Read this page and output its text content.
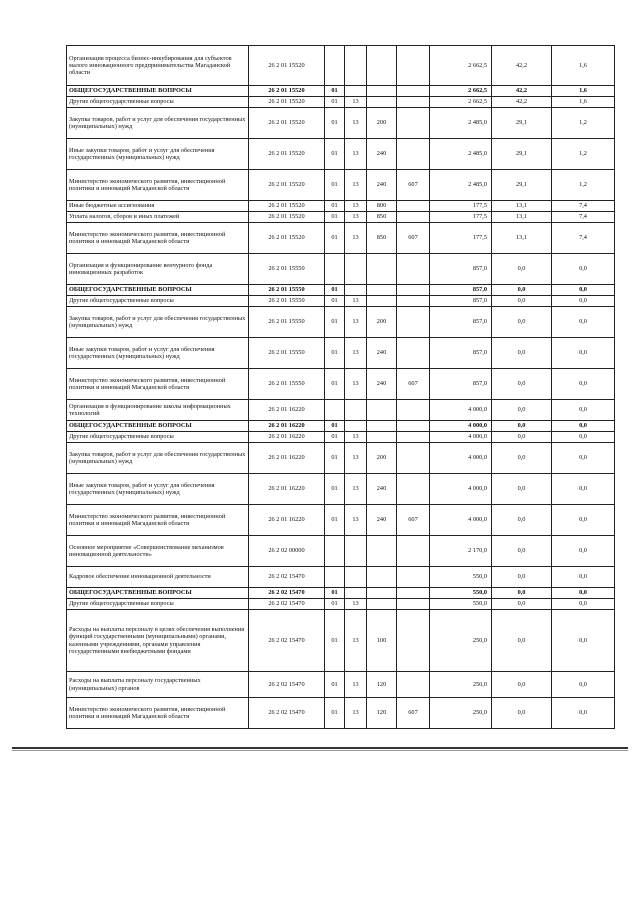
Организация процесса бизнес-инкубирования для субъектов малого инновационного предпринимательства Магаданской области	26 2 01 15520					2 662,5	42,2	1,6
ОБЩЕГОСУДАРСТВЕННЫЕ ВОПРОСЫ	26 2 01 15520	01				2 662,5	42,2	1,6
Другие общегосударственные вопросы	26 2 01 15520	01	13			2 662,5	42,2	1,6
Закупка товаров, работ и услуг для обеспечения государственных (муниципальных) нужд	26 2 01 15520	01	13	200		2 485,0	29,1	1,2
Иные закупки товаров, работ и услуг для обеспечения государственных (муниципальных) нужд	26 2 01 15520	01	13	240		2 485,0	29,1	1,2
Министерство экономического развития, инвестиционной политики и инноваций Магаданской области	26 2 01 15520	01	13	240	607	2 485,0	29,1	1,2
Иные бюджетные ассигнования	26 2 01 15520	01	13	800		177,5	13,1	7,4
Уплата налогов, сборов и иных платежей	26 2 01 15520	01	13	850		177,5	13,1	7,4
Министерство экономического развития, инвестиционной политики и инноваций Магаданской области	26 2 01 15520	01	13	850	607	177,5	13,1	7,4
Организация и функционирование венчурного фонда инновационных разработок	26 2 01 15550					857,0	0,0	0,0
ОБЩЕГОСУДАРСТВЕННЫЕ ВОПРОСЫ	26 2 01 15550	01				857,0	0,0	0,0
Другие общегосударственные вопросы	26 2 01 15550	01	13			857,0	0,0	0,0
Закупка товаров, работ и услуг для обеспечения государственных (муниципальных) нужд	26 2 01 15550	01	13	200		857,0	0,0	0,0
Иные закупки товаров, работ и услуг для обеспечения государственных (муниципальных) нужд	26 2 01 15550	01	13	240		857,0	0,0	0,0
Министерство экономического развития, инвестиционной политики и инноваций Магаданской области	26 2 01 15550	01	13	240	607	857,0	0,0	0,0
Организация и функционирование школы информационных технологий	26 2 01 16220					4 000,0	0,0	0,0
ОБЩЕГОСУДАРСТВЕННЫЕ ВОПРОСЫ	26 2 01 16220	01				4 000,0	0,0	0,0
Другие общегосударственные вопросы	26 2 01 16220	01	13			4 000,0	0,0	0,0
Закупка товаров, работ и услуг для обеспечения государственных (муниципальных) нужд	26 2 01 16220	01	13	200		4 000,0	0,0	0,0
Иные закупки товаров, работ и услуг для обеспечения государственных (муниципальных) нужд	26 2 01 16220	01	13	240		4 000,0	0,0	0,0
Министерство экономического развития, инвестиционной политики и инноваций Магаданской области	26 2 01 16220	01	13	240	607	4 000,0	0,0	0,0
Основное мероприятие «Совершенствование механизмов инновационной деятельности»	26 2 02 00000					2 170,0	0,0	0,0
Кадровое обеспечение инновационной деятельности	26 2 02 15470					550,0	0,0	0,0
ОБЩЕГОСУДАРСТВЕННЫЕ ВОПРОСЫ	26 2 02 15470	01				550,0	0,0	0,0
Другие общегосударственные вопросы	26 2 02 15470	01	13			550,0	0,0	0,0
Расходы на выплаты персоналу в целях обеспечения выполнения функций государственными (муниципальными) органами, казенными учреждениями, органами управления государственными внебюджетными фондами	26 2 02 15470	01	13	100		250,0	0,0	0,0
Расходы на выплаты персоналу государственных (муниципальных) органов	26 2 02 15470	01	13	120		250,0	0,0	0,0
Министерство экономического развития, инвестиционной политики и инноваций Магаданской области	26 2 02 15470	01	13	120	607	250,0	0,0	0,0
